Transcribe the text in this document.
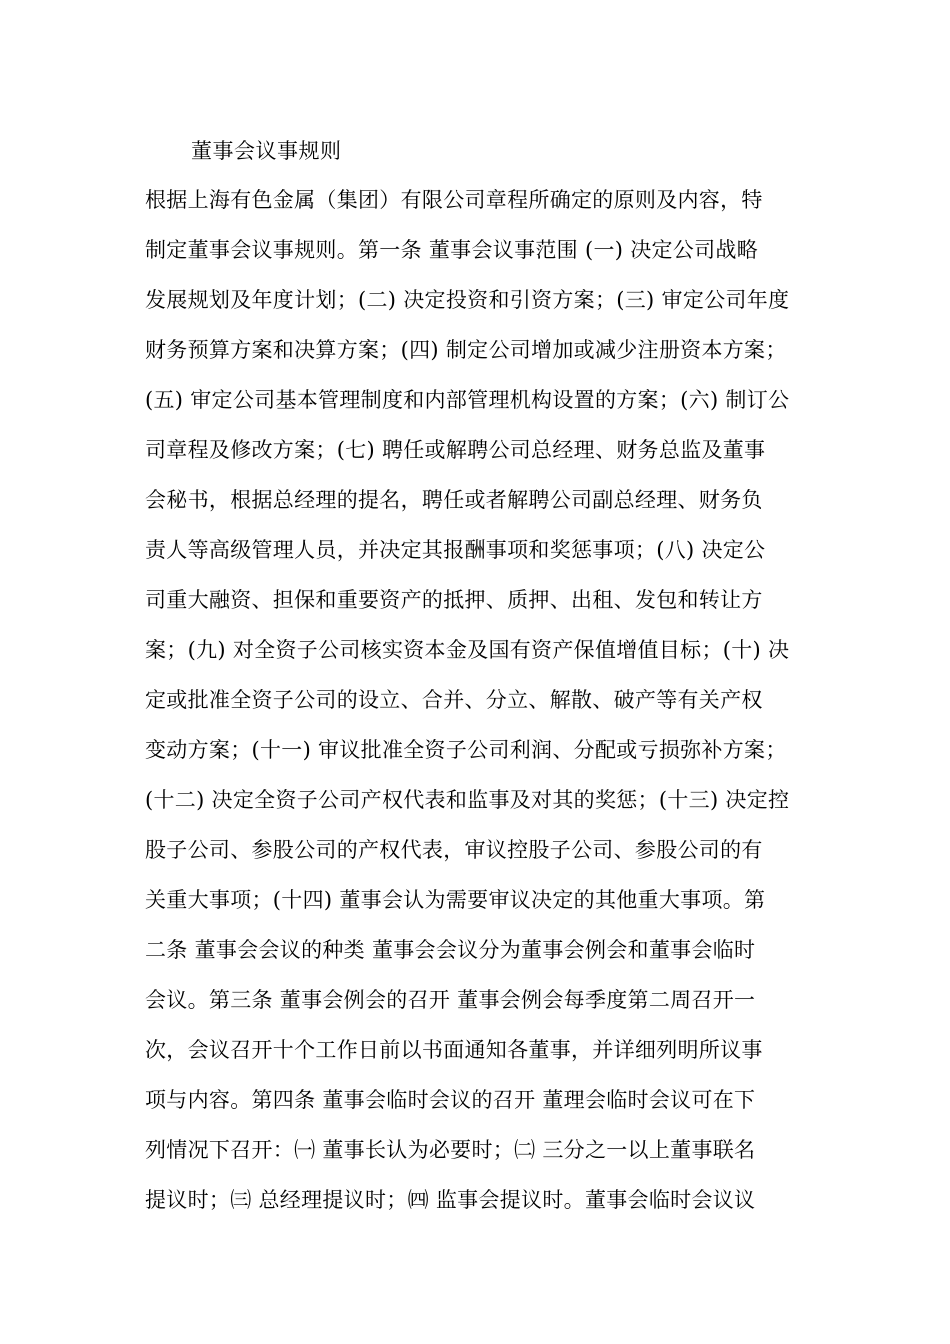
董事会议事规则
根据上海有色金属（集团）有限公司章程所确定的原则及内容，特
制定董事会议事规则。第一条 董事会议事范围 (一) 决定公司战略
发展规划及年度计划；(二) 决定投资和引资方案；(三) 审定公司年度
财务预算方案和决算方案；(四) 制定公司增加或减少注册资本方案；
(五) 审定公司基本管理制度和内部管理机构设置的方案；(六) 制订公
司章程及修改方案；(七) 聘任或解聘公司总经理、财务总监及董事
会秘书，根据总经理的提名，聘任或者解聘公司副总经理、财务负
责人等高级管理人员，并决定其报酬事项和奖惩事项；(八) 决定公
司重大融资、担保和重要资产的抵押、质押、出租、发包和转让方
案；(九) 对全资子公司核实资本金及国有资产保值增值目标；(十) 决
定或批准全资子公司的设立、合并、分立、解散、破产等有关产权
变动方案；(十一) 审议批准全资子公司利润、分配或亏损弥补方案；
(十二) 决定全资子公司产权代表和监事及对其的奖惩；(十三) 决定控
股子公司、参股公司的产权代表，审议控股子公司、参股公司的有
关重大事项；(十四) 董事会认为需要审议决定的其他重大事项。第
二条 董事会会议的种类 董事会会议分为董事会例会和董事会临时
会议。第三条 董事会例会的召开 董事会例会每季度第二周召开一
次，会议召开十个工作日前以书面通知各董事，并详细列明所议事
项与内容。第四条 董事会临时会议的召开 董理会临时会议可在下
列情况下召开：㈠ 董事长认为必要时；㈡ 三分之一以上董事联名
提议时；㈢ 总经理提议时；㈣ 监事会提议时。董事会临时会议议
